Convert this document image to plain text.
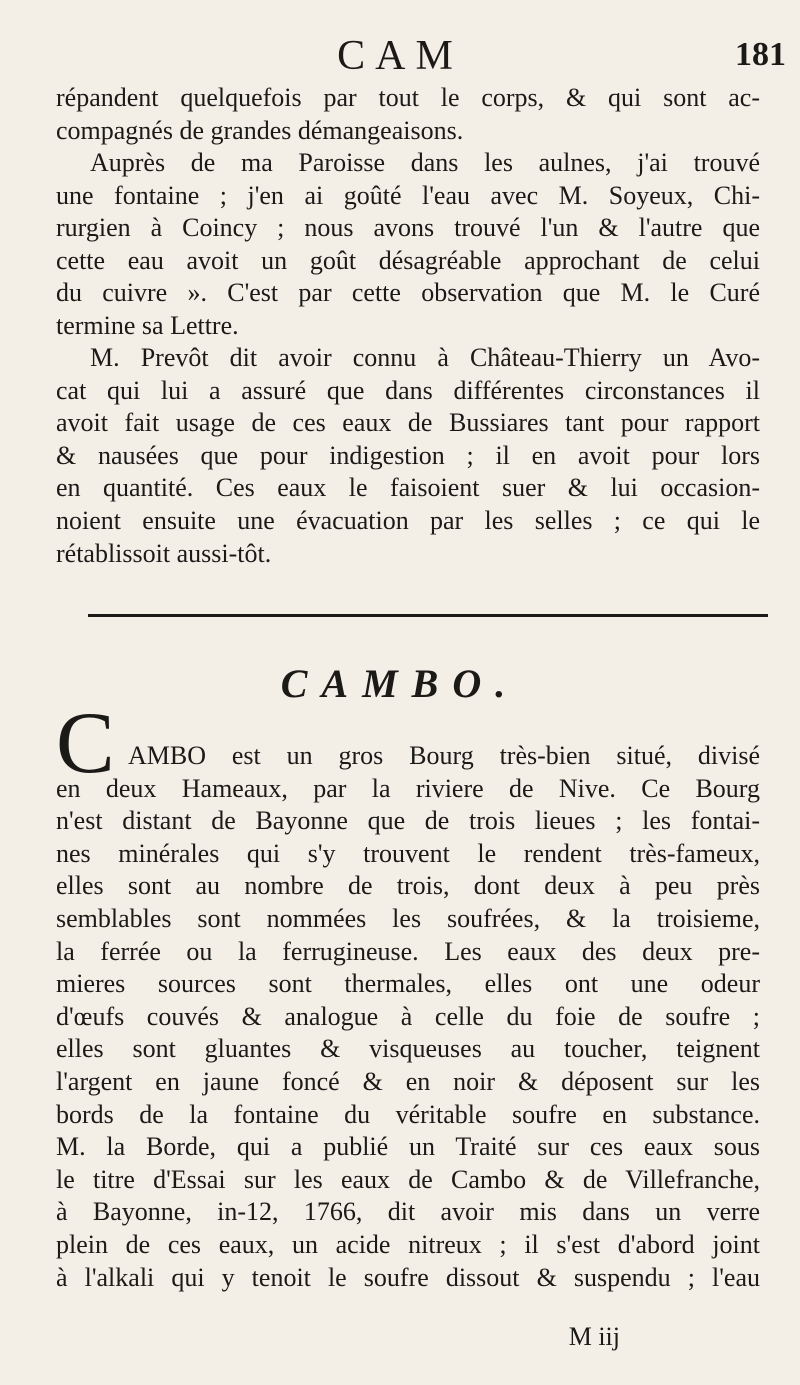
CAM	181
répandent quelquefois par tout le corps, & qui sont ac-
compagnés de grandes démangeaisons.
Auprès de ma Paroisse dans les aulnes, j'ai trouvé
une fontaine ; j'en ai goûté l'eau avec M. Soyeux, Chi-
rurgien à Coincy ; nous avons trouvé l'un & l'autre que
cette eau avoit un goût désagréable approchant de celui
du cuivre ». C'est par cette observation que M. le Curé
termine sa Lettre.
M. Prevôt dit avoir connu à Château-Thierry un Avo-
cat qui lui a assuré que dans différentes circonstances il
avoit fait usage de ces eaux de Bussiares tant pour rapport
& nausées que pour indigestion ; il en avoit pour lors
en quantité. Ces eaux le faisoient suer & lui occasion-
noient ensuite une évacuation par les selles ; ce qui le
rétablissoit aussi-tôt.
CAMBO.
C AMBO est un gros Bourg très-bien situé, divisé
en deux Hameaux, par la riviere de Nive. Ce Bourg
n'est distant de Bayonne que de trois lieues ; les fontai-
nes minérales qui s'y trouvent le rendent très-fameux,
elles sont au nombre de trois, dont deux à peu près
semblables sont nommées les soufrées, & la troisieme,
la ferrée ou la ferrugineuse. Les eaux des deux pre-
mieres sources sont thermales, elles ont une odeur
d'œufs couvés & analogue à celle du foie de soufre ;
elles sont gluantes & visqueuses au toucher, teignent
l'argent en jaune foncé & en noir & déposent sur les
bords de la fontaine du véritable soufre en substance.
M. la Borde, qui a publié un Traité sur ces eaux sous
le titre d'Essai sur les eaux de Cambo & de Villefranche,
à Bayonne, in-12, 1766, dit avoir mis dans un verre
plein de ces eaux, un acide nitreux ; il s'est d'abord joint
à l'alkali qui y tenoit le soufre dissout & suspendu ; l'eau
M iij
